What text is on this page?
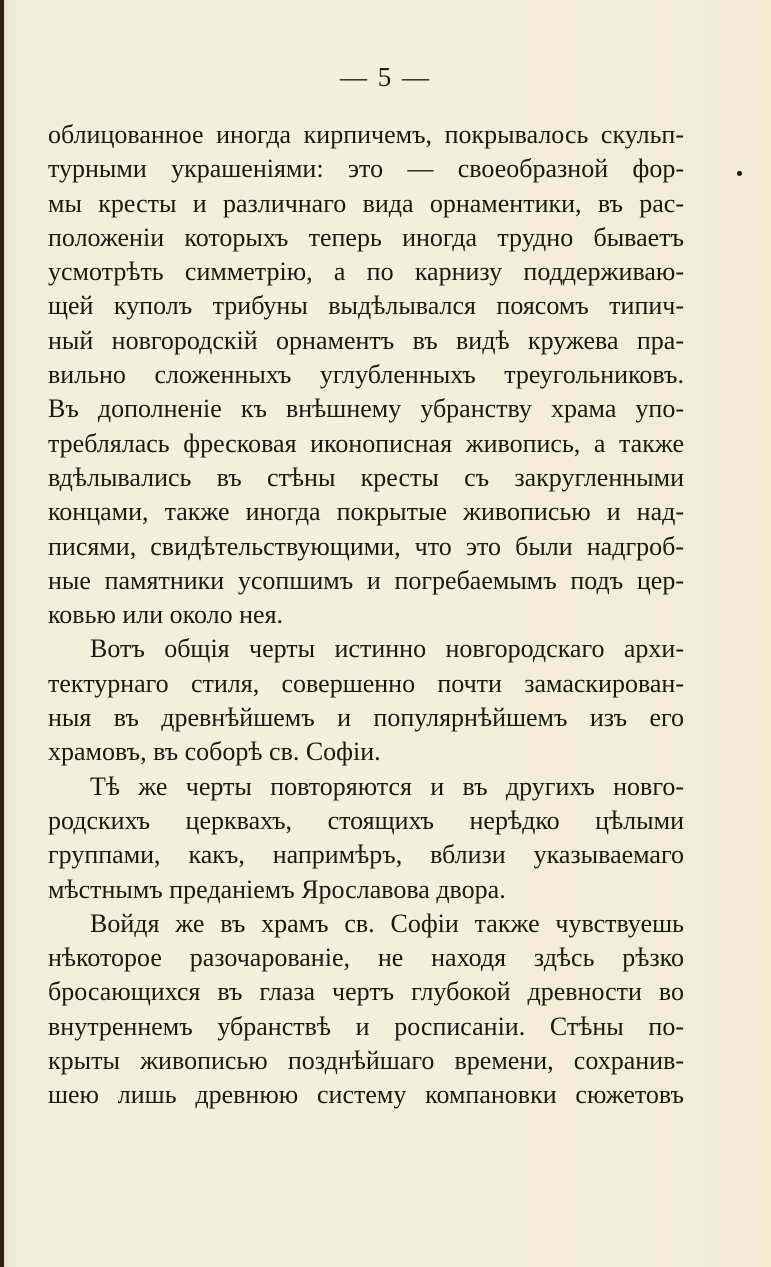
— 5 —
облицованное иногда кирпичемъ, покрывалось скульп-
турными украшеніями: это — своеобразной фор-
мы кресты и различнаго вида орнаментики, въ рас-
положеніи которыхъ теперь иногда трудно бываетъ
усмотрѣть симметрію, а по карнизу поддерживаю-
щей куполъ трибуны выдѣлывался поясомъ типич-
ный новгородскій орнаментъ въ видѣ кружева пра-
вильно сложенныхъ углубленныхъ треугольниковъ.
Въ дополненіе къ внѣшнему убранству храма упо-
треблялась фресковая иконописная живопись, а также
вдѣлывались въ стѣны кресты съ закругленными
концами, также иногда покрытые живописью и над-
писями, свидѣтельствующими, что это были надгроб-
ные памятники усопшимъ и погребаемымъ подъ цер-
ковью или около нея.
Вотъ общія черты истинно новгородскаго архи-
тектурнаго стиля, совершенно почти замаскирован-
ныя въ древнѣйшемъ и популярнѣйшемъ изъ его
храмовъ, въ соборѣ св. Софіи.
Тѣ же черты повторяются и въ другихъ новго-
родскихъ церквахъ, стоящихъ нерѣдко цѣлыми
группами, какъ, напримѣръ, вблизи указываемаго
мѣстнымъ преданіемъ Ярославова двора.
Войдя же въ храмъ св. Софіи также чувствуешь
нѣкоторое разочарованіе, не находя здѣсь рѣзко
бросающихся въ глаза чертъ глубокой древности во
внутреннемъ убранствѣ и росписаніи. Стѣны по-
крыты живописью позднѣйшаго времени, сохранив-
шею лишь древнюю систему компановки сюжетовъ
